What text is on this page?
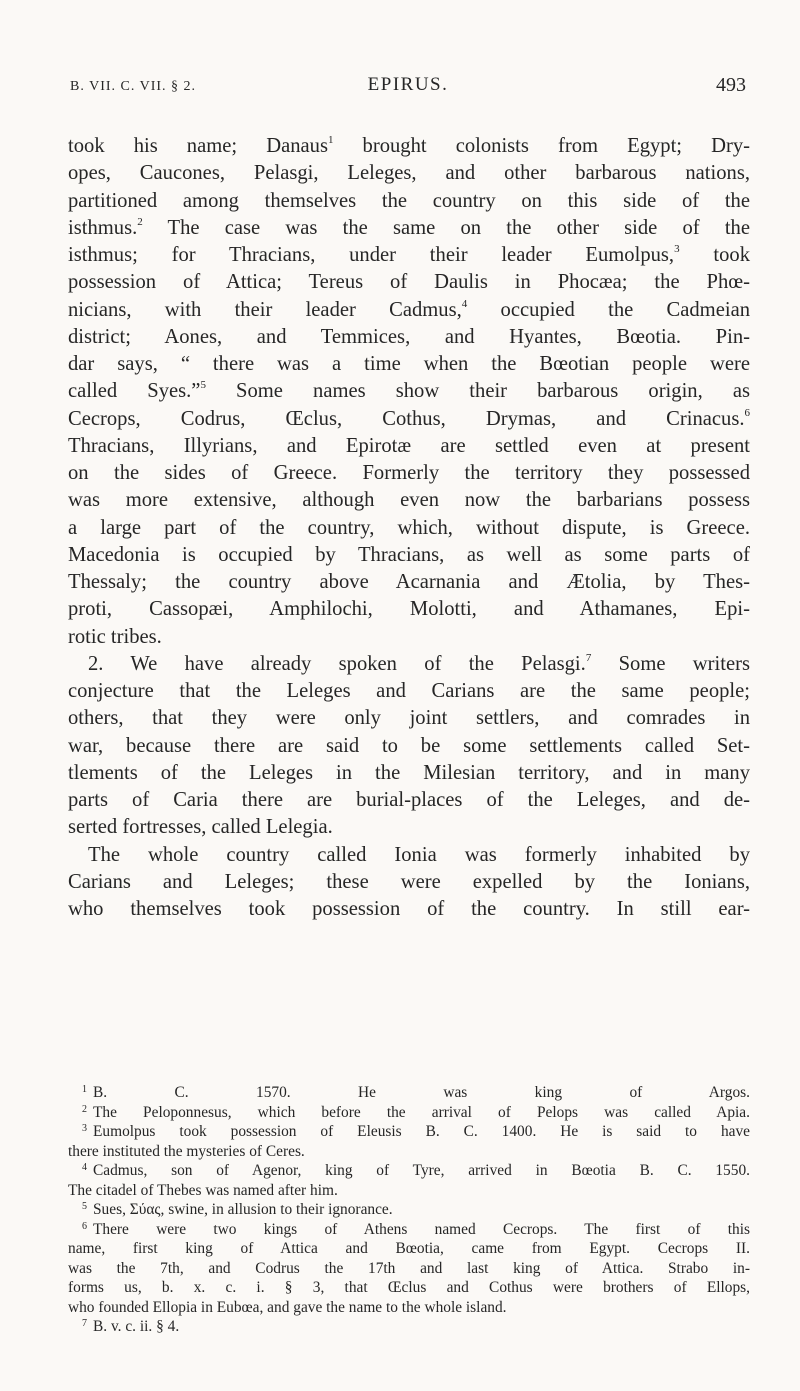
B. VII. C. VII. § 2.	EPIRUS.	493
took his name; Danaus$^1$ brought colonists from Egypt; Dry-
opes, Caucones, Pelasgi, Leleges, and other barbarous nations,
partitioned among themselves the country on this side of the
isthmus.$^2$ The case was the same on the other side of the
isthmus; for Thracians, under their leader Eumolpus,$^3$ took
possession of Attica; Tereus of Daulis in Phocæa; the Phœ-
nicians, with their leader Cadmus,$^4$ occupied the Cadmeian
district; Aones, and Temmices, and Hyantes, Bœotia. Pin-
dar says, “ there was a time when the Bœotian people were
called Syes.”$^5$ Some names show their barbarous origin, as
Cecrops, Codrus, Œclus, Cothus, Drymas, and Crinacus.$^6$
Thracians, Illyrians, and Epirotæ are settled even at present
on the sides of Greece. Formerly the territory they possessed
was more extensive, although even now the barbarians possess
a large part of the country, which, without dispute, is Greece.
Macedonia is occupied by Thracians, as well as some parts of
Thessaly; the country above Acarnania and Ætolia, by Thes-
proti, Cassopæi, Amphilochi, Molotti, and Athamanes, Epi-
rotic tribes.
2. We have already spoken of the Pelasgi.$^7$ Some writers
conjecture that the Leleges and Carians are the same people;
others, that they were only joint settlers, and comrades in
war, because there are said to be some settlements called Set-
tlements of the Leleges in the Milesian territory, and in many
parts of Caria there are burial-places of the Leleges, and de-
serted fortresses, called Lelegia.
The whole country called Ionia was formerly inhabited by
Carians and Leleges; these were expelled by the Ionians,
who themselves took possession of the country. In still ear-
$^1$ B. C. 1570. He was king of Argos.
$^2$ The Peloponnesus, which before the arrival of Pelops was called Apia.
$^3$ Eumolpus took possession of Eleusis B. C. 1400. He is said to have
there instituted the mysteries of Ceres.
$^4$ Cadmus, son of Agenor, king of Tyre, arrived in Bœotia B. C. 1550.
The citadel of Thebes was named after him.
$^5$ Sues, Σύας, swine, in allusion to their ignorance.
$^6$ There were two kings of Athens named Cecrops. The first of this
name, first king of Attica and Bœotia, came from Egypt. Cecrops II.
was the 7th, and Codrus the 17th and last king of Attica. Strabo in-
forms us, b. x. c. i. § 3, that Œclus and Cothus were brothers of Ellops,
who founded Ellopia in Eubœa, and gave the name to the whole island.
$^7$ B. v. c. ii. § 4.
